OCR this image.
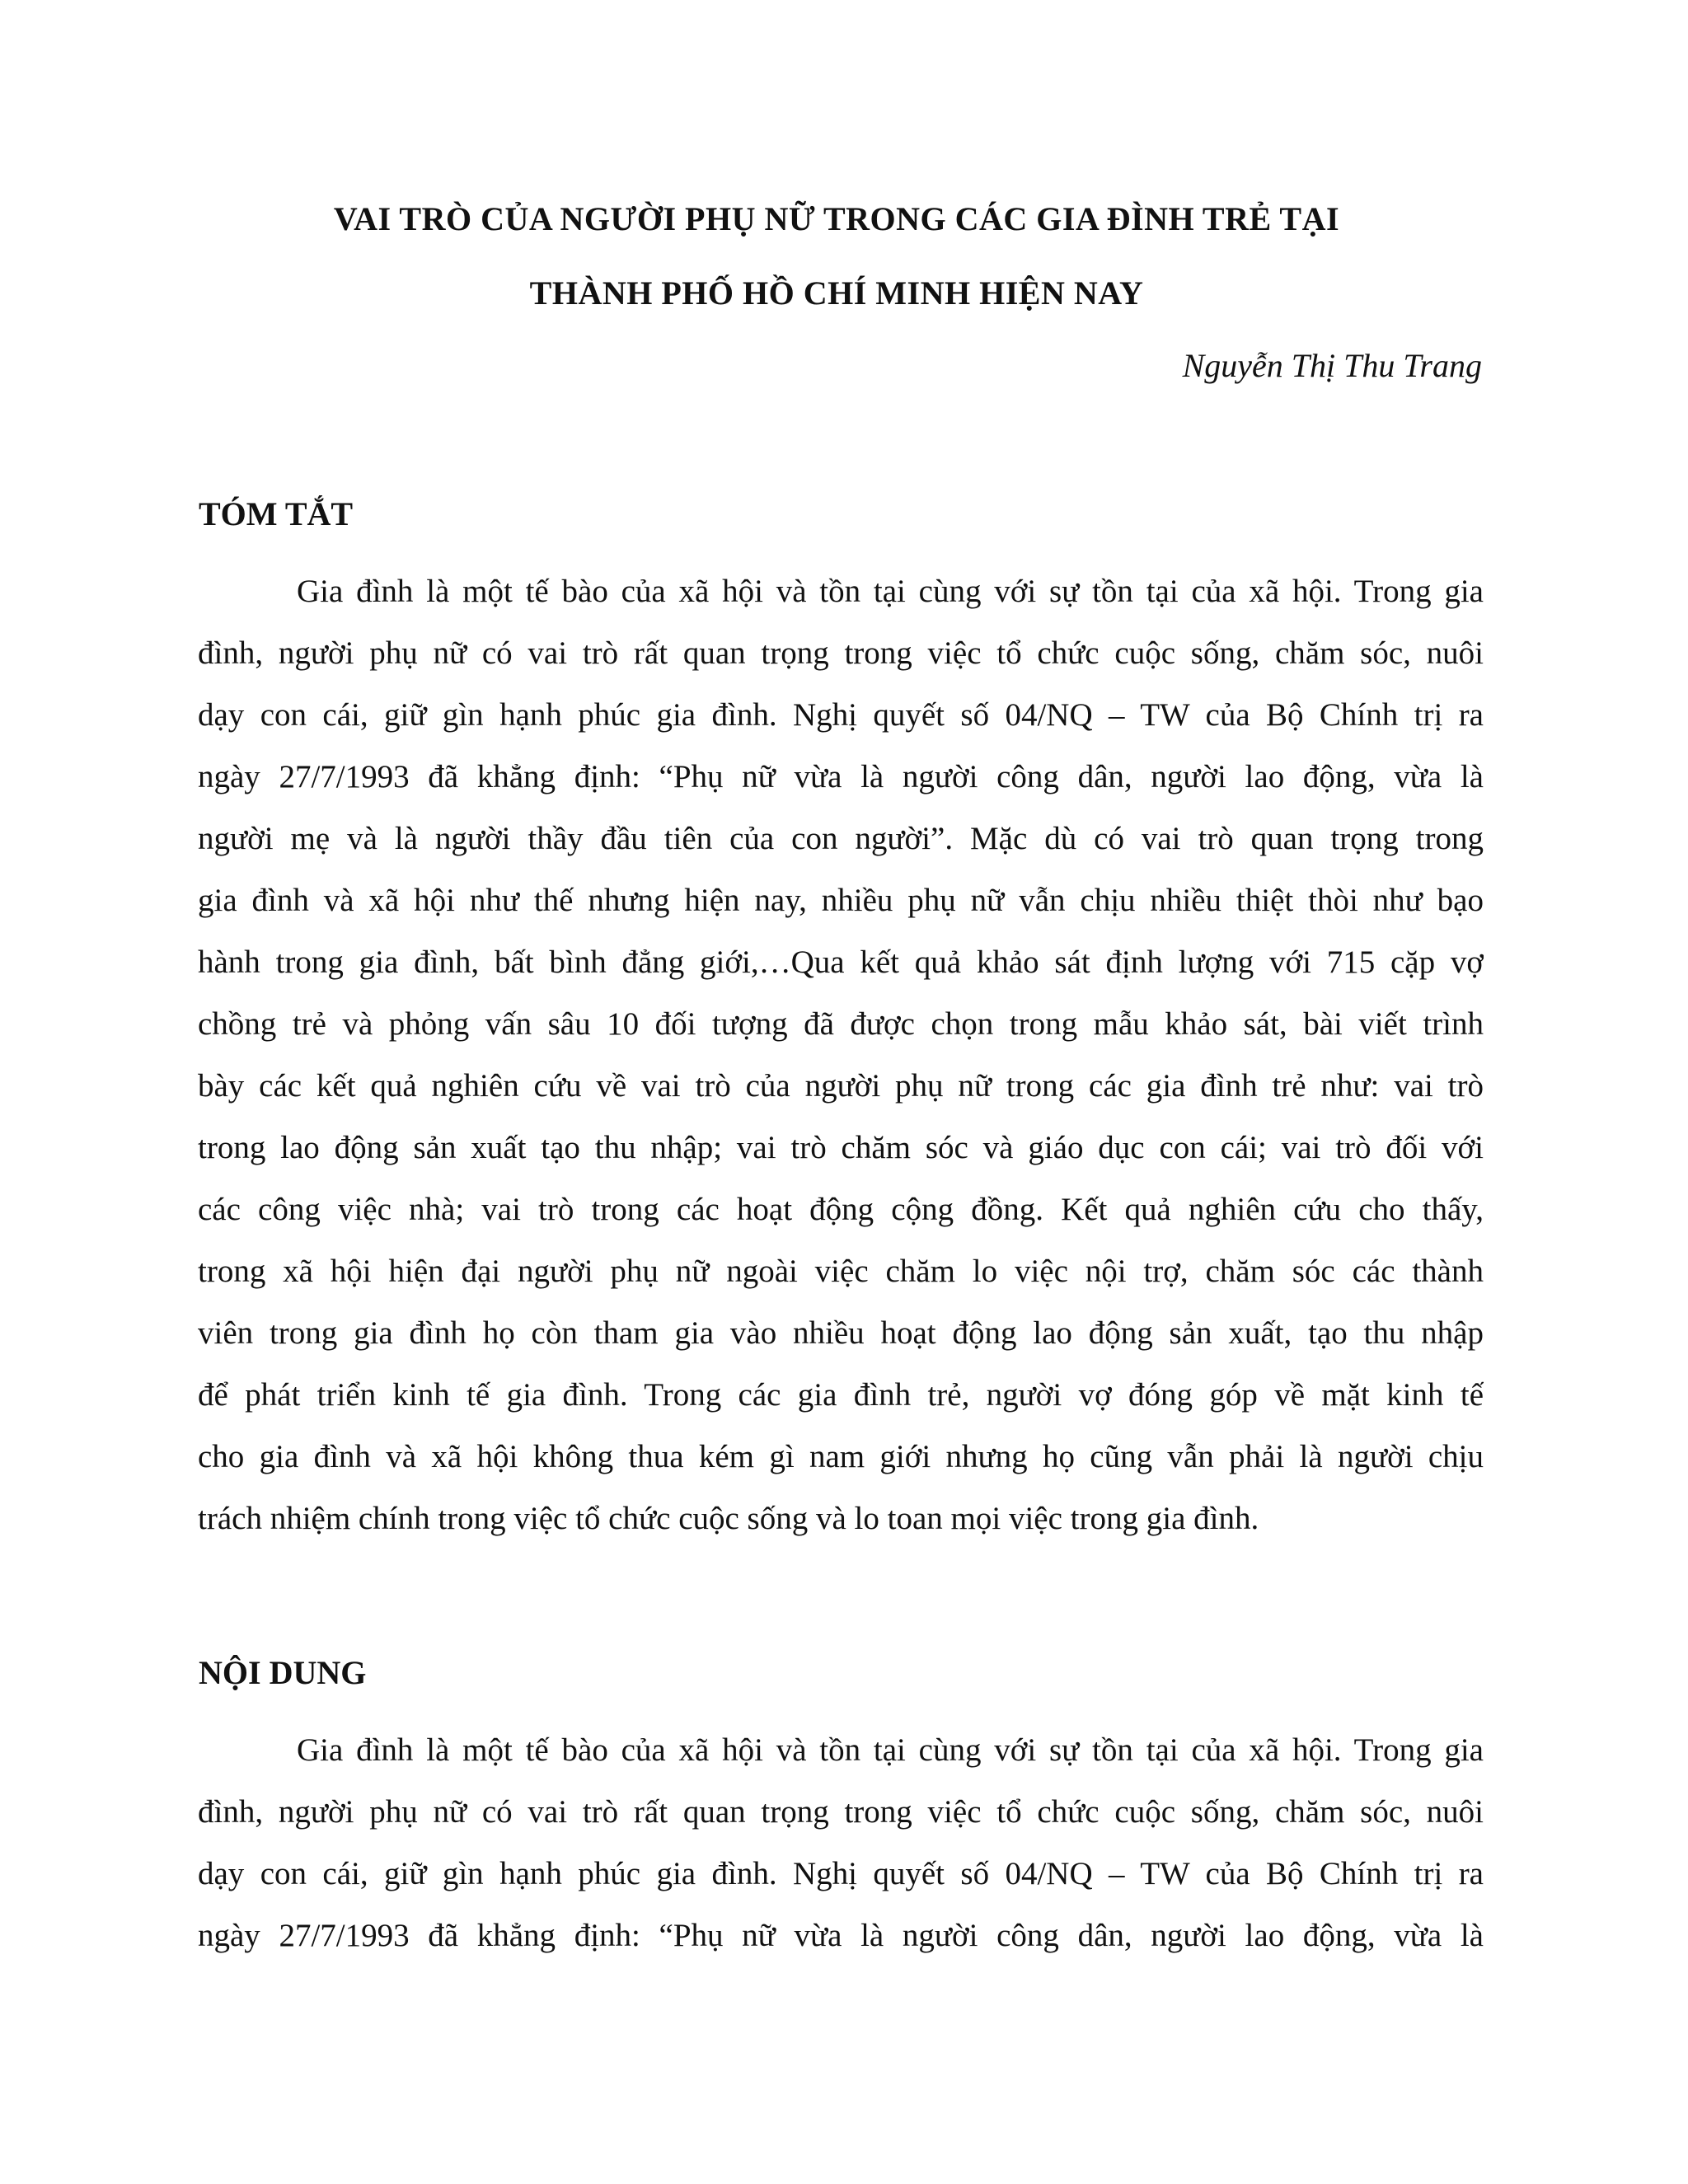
VAI TRÒ CỦA NGƯỜI PHỤ NỮ TRONG CÁC GIA ĐÌNH TRẺ TẠI
THÀNH PHỐ HỒ CHÍ MINH HIỆN NAY
Nguyễn Thị Thu Trang
TÓM TẮT
Gia đình là một tế bào của xã hội và tồn tại cùng với sự tồn tại của xã hội. Trong gia
đình, người phụ nữ có vai trò rất quan trọng trong việc tổ chức cuộc sống, chăm sóc, nuôi
dạy con cái, giữ gìn hạnh phúc gia đình. Nghị quyết số 04/NQ – TW của Bộ Chính trị ra
ngày 27/7/1993 đã khẳng định: “Phụ nữ vừa là người công dân, người lao động, vừa là
người mẹ và là người thầy đầu tiên của con người”. Mặc dù có vai trò quan trọng trong
gia đình và xã hội như thế nhưng hiện nay, nhiều phụ nữ vẫn chịu nhiều thiệt thòi như bạo
hành trong gia đình, bất bình đẳng giới,…Qua kết quả khảo sát định lượng với 715 cặp vợ
chồng trẻ và phỏng vấn sâu 10 đối tượng đã được chọn trong mẫu khảo sát, bài viết trình
bày các kết quả nghiên cứu về vai trò của người phụ nữ trong các gia đình trẻ như: vai trò
trong lao động sản xuất tạo thu nhập; vai trò chăm sóc và giáo dục con cái; vai trò đối với
các công việc nhà; vai trò trong các hoạt động cộng đồng. Kết quả nghiên cứu cho thấy,
trong xã hội hiện đại người phụ nữ ngoài việc chăm lo việc nội trợ, chăm sóc các thành
viên trong gia đình họ còn tham gia vào nhiều hoạt động lao động sản xuất, tạo thu nhập
để phát triển kinh tế gia đình. Trong các gia đình trẻ, người vợ đóng góp về mặt kinh tế
cho gia đình và xã hội không thua kém gì nam giới nhưng họ cũng vẫn phải là người chịu
trách nhiệm chính trong việc tổ chức cuộc sống và lo toan mọi việc trong gia đình.
NỘI DUNG
Gia đình là một tế bào của xã hội và tồn tại cùng với sự tồn tại của xã hội. Trong gia
đình, người phụ nữ có vai trò rất quan trọng trong việc tổ chức cuộc sống, chăm sóc, nuôi
dạy con cái, giữ gìn hạnh phúc gia đình. Nghị quyết số 04/NQ – TW của Bộ Chính trị ra
ngày 27/7/1993 đã khẳng định: “Phụ nữ vừa là người công dân, người lao động, vừa là
